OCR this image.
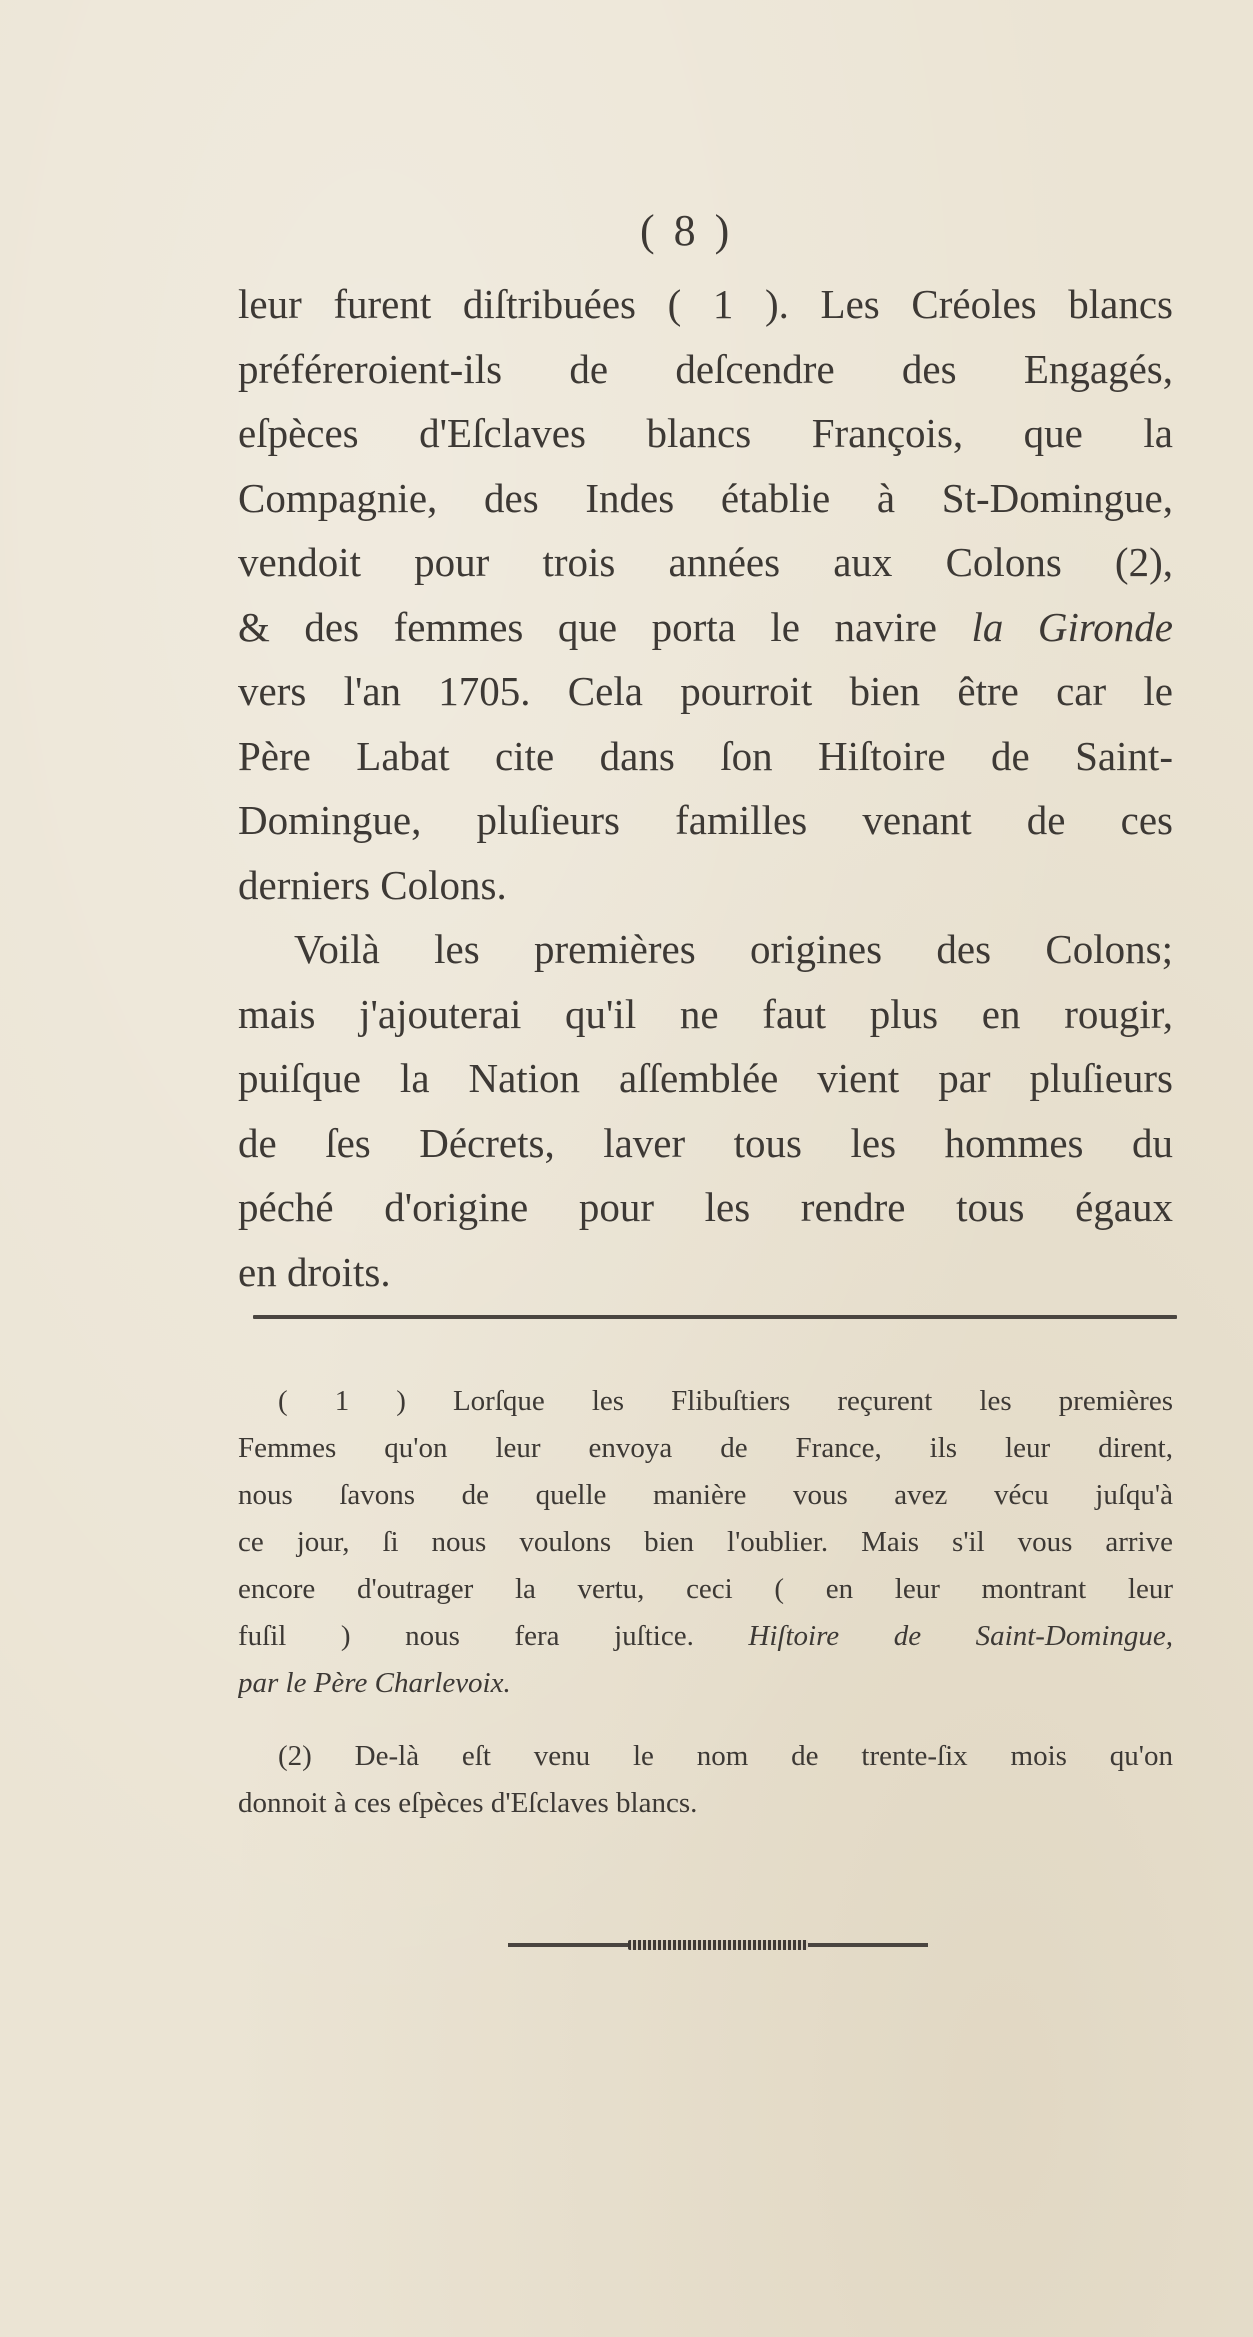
( 8 )
leur furent diſtribuées ( 1 ). Les Créoles blancs
préféreroient-ils de deſcendre des Engagés,
eſpèces d'Eſclaves blancs François, que la
Compagnie, des Indes établie à St-Domingue,
vendoit pour trois années aux Colons (2),
& des femmes que porta le navire la Gironde
vers l'an 1705. Cela pourroit bien être car le
Père Labat cite dans ſon Hiſtoire de Saint-
Domingue, pluſieurs familles venant de ces
derniers Colons.
Voilà les premières origines des Colons;
mais j'ajouterai qu'il ne faut plus en rougir,
puiſque la Nation aſſemblée vient par pluſieurs
de ſes Décrets, laver tous les hommes du
péché d'origine pour les rendre tous égaux
en droits.
( 1 ) Lorſque les Flibuſtiers reçurent les premières
Femmes qu'on leur envoya de France, ils leur dirent,
nous ſavons de quelle manière vous avez vécu juſqu'à
ce jour, ſi nous voulons bien l'oublier. Mais s'il vous arrive
encore d'outrager la vertu, ceci ( en leur montrant leur
fuſil ) nous fera juſtice. Hiſtoire de Saint-Domingue,
par le Père Charlevoix.
(2) De-là eſt venu le nom de trente-ſix mois qu'on
donnoit à ces eſpèces d'Eſclaves blancs.
